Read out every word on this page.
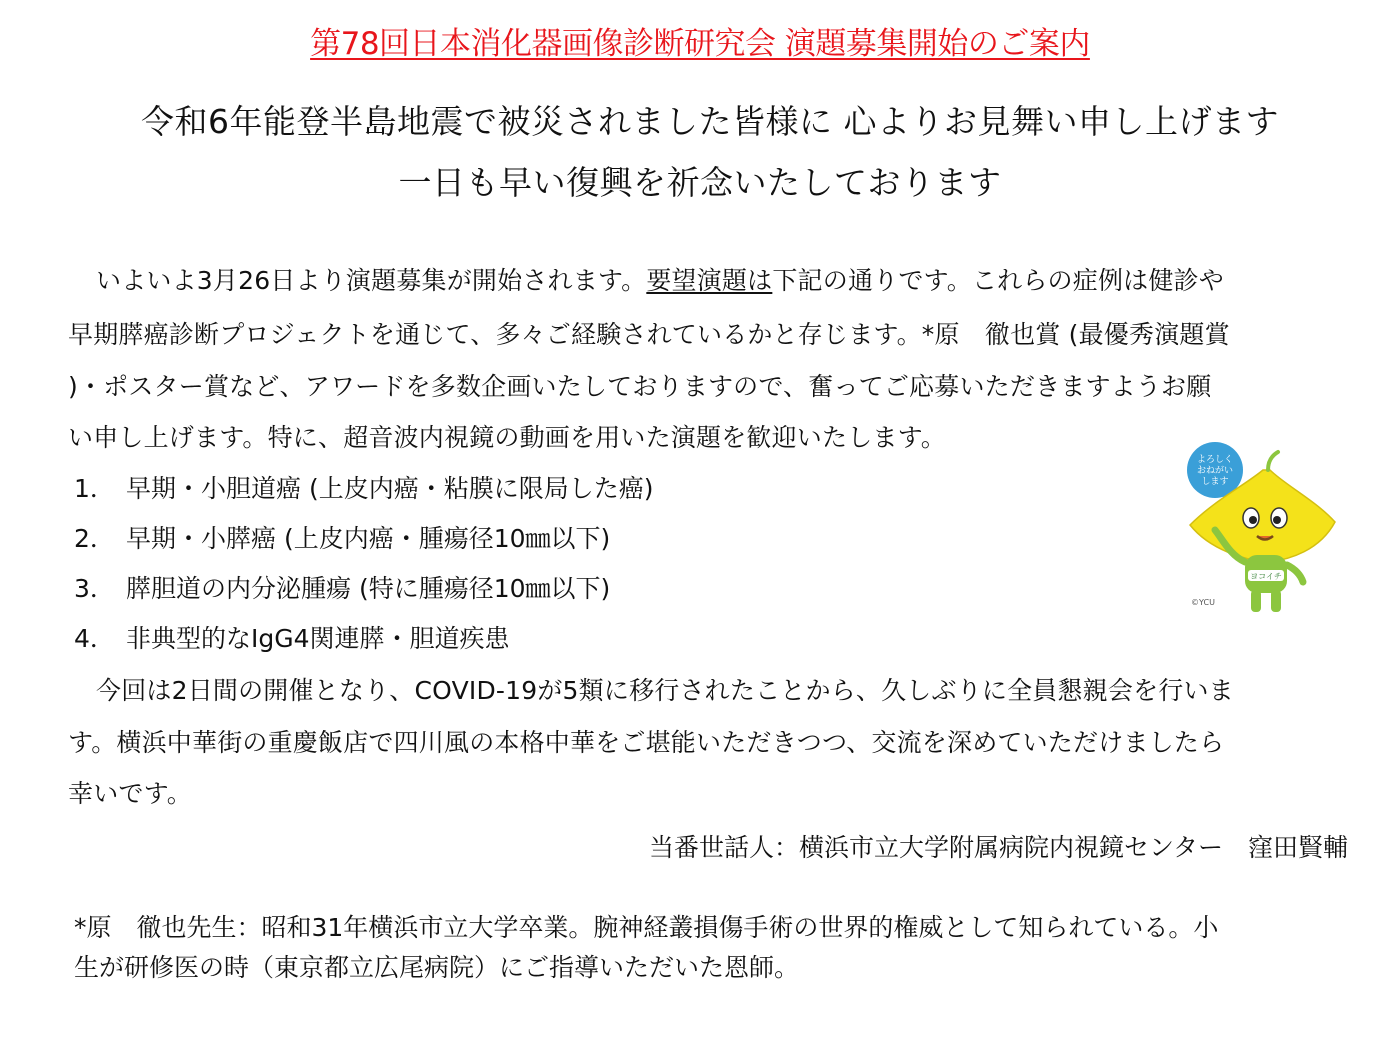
第78回日本消化器画像診断研究会 演題募集開始のご案内
令和6年能登半島地震で被災されました皆様に 心よりお見舞い申し上げます
一日も早い復興を祈念いたしております
いよいよ3月26日より演題募集が開始されます。要望演題は下記の通りです。これらの症例は健診や
早期膵癌診断プロジェクトを通じて、多々ご経験されているかと存じます。*原　徹也賞 (最優秀演題賞
)・ポスター賞など、アワードを多数企画いたしておりますので、奮ってご応募いただきますようお願
い申し上げます。特に、超音波内視鏡の動画を用いた演題を歓迎いたします。
1． 早期・小胆道癌 (上皮内癌・粘膜に限局した癌)
2． 早期・小膵癌 (上皮内癌・腫瘍径10㎜以下)
3． 膵胆道の内分泌腫瘍 (特に腫瘍径10㎜以下)
4． 非典型的なIgG4関連膵・胆道疾患
今回は2日間の開催となり、COVID-19が5類に移行されたことから、久しぶりに全員懇親会を行いま
す。横浜中華街の重慶飯店で四川風の本格中華をご堪能いただきつつ、交流を深めていただけましたら
幸いです。
当番世話人：横浜市立大学附属病院内視鏡センター　窪田賢輔
*原　徹也先生：昭和31年横浜市立大学卒業。腕神経叢損傷手術の世界的権威として知られている。小
生が研修医の時（東京都立広尾病院）にご指導いただいた恩師。
よろしく
おねがい
します
ヨコイチ
©YCU
